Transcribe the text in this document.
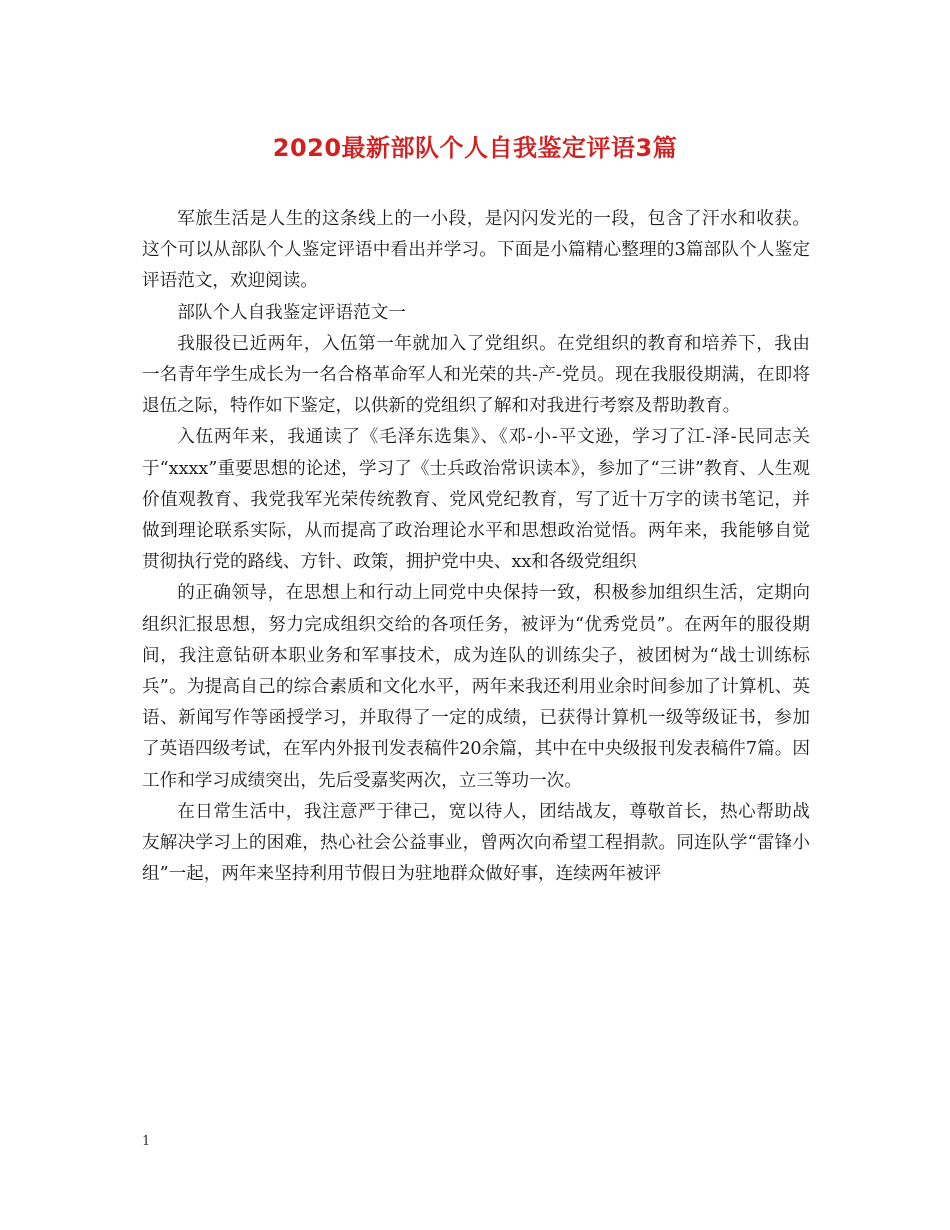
2020最新部队个人自我鉴定评语3篇

军旅生活是人生的这条线上的一小段，是闪闪发光的一段，包含了汗水和收获。这个可以从部队个人鉴定评语中看出并学习。下面是小篇精心整理的3篇部队个人鉴定评语范文，欢迎阅读。

部队个人自我鉴定评语范文一

我服役已近两年，入伍第一年就加入了党组织。在党组织的教育和培养下，我由一名青年学生成长为一名合格革命军人和光荣的共-产-党员。现在我服役期满，在即将退伍之际，特作如下鉴定，以供新的党组织了解和对我进行考察及帮助教育。

入伍两年来，我通读了《毛泽东选集》、《邓-小-平文逊，学习了江-泽-民同志关于“xxxx”重要思想的论述，学习了《士兵政治常识读本》，参加了“三讲”教育、人生观价值观教育、我党我军光荣传统教育、党风党纪教育，写了近十万字的读书笔记，并做到理论联系实际，从而提高了政治理论水平和思想政治觉悟。两年来，我能够自觉贯彻执行党的路线、方针、政策，拥护党中央、xx和各级党组织

的正确领导，在思想上和行动上同党中央保持一致，积极参加组织生活，定期向组织汇报思想，努力完成组织交给的各项任务，被评为“优秀党员”。在两年的服役期间，我注意钻研本职业务和军事技术，成为连队的训练尖子，被团树为“战士训练标兵”。为提高自己的综合素质和文化水平，两年来我还利用业余时间参加了计算机、英语、新闻写作等函授学习，并取得了一定的成绩，已获得计算机一级等级证书，参加了英语四级考试，在军内外报刊发表稿件20余篇，其中在中央级报刊发表稿件7篇。因工作和学习成绩突出，先后受嘉奖两次，立三等功一次。

在日常生活中，我注意严于律己，宽以待人，团结战友，尊敬首长，热心帮助战友解决学习上的困难，热心社会公益事业，曾两次向希望工程捐款。同连队学“雷锋小组”一起，两年来坚持利用节假日为驻地群众做好事，连续两年被评

1
